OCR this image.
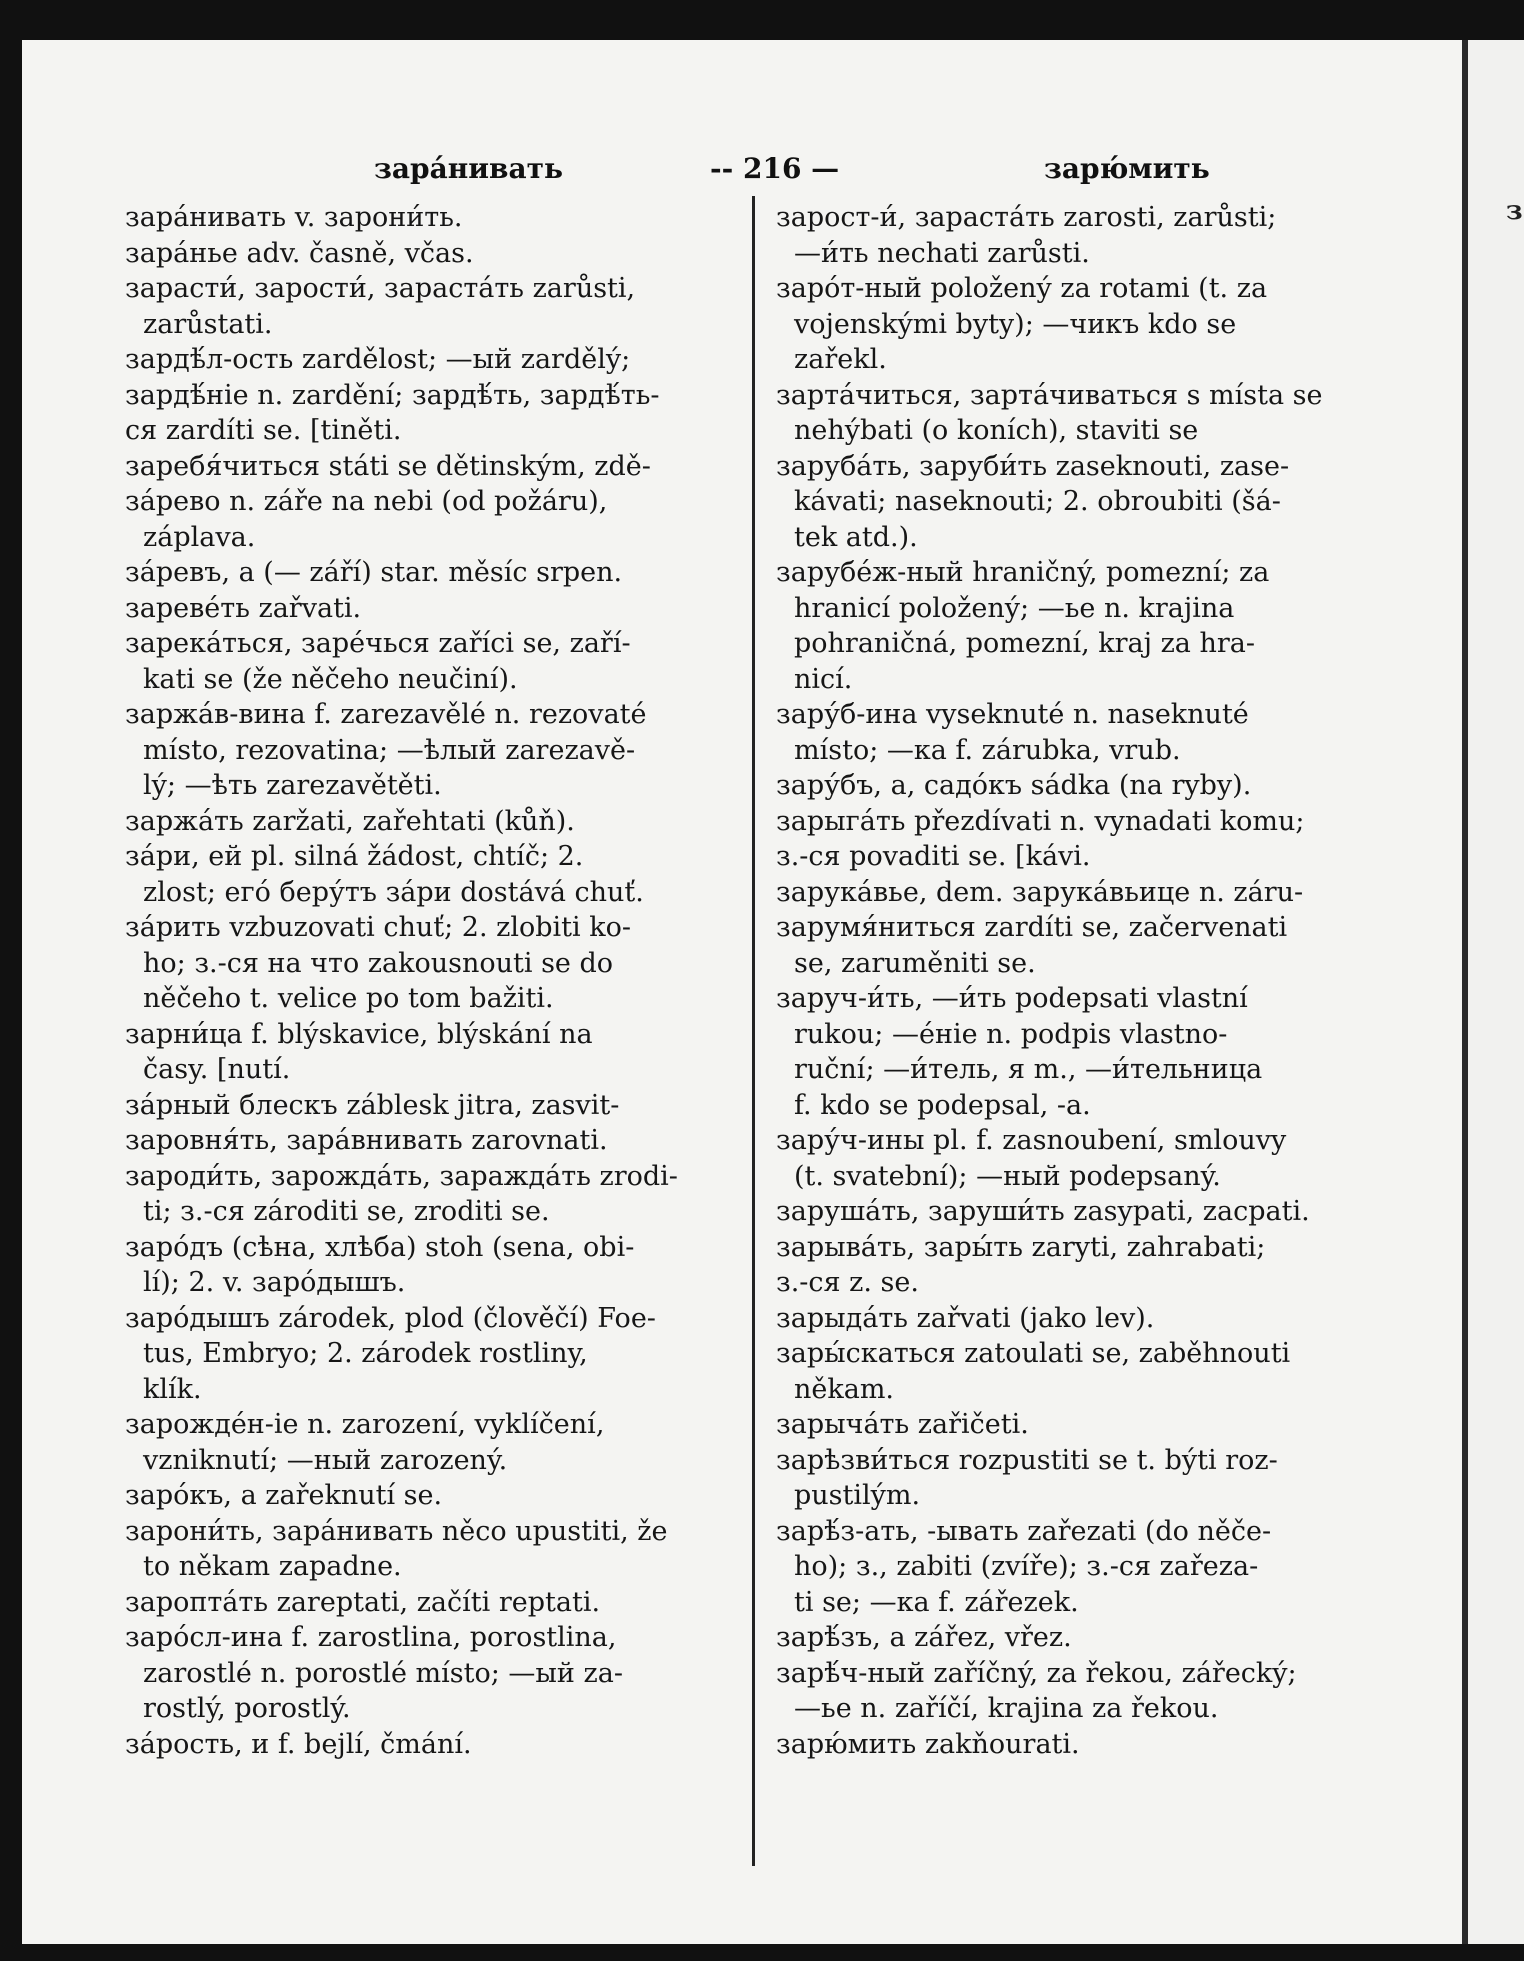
зара́нивать	-- 216 —	зарю́мить
з
зара́нивать v. зарони́ть.
зара́нье adv. časně, včas.
зарасти́, зарости́, зарастáть zarůsti,
zarůstati.
зардѣ́л-ость zardělost; —ый zardělý;
зардѣ́ніе n. zardění; зардѣ́ть, зардѣ́ть-
ся zardíti se. [tiněti.
заребя́читься státi se dětinským, zdě-
за́рево n. záře na nebi (od požáru),
záplava.
за́ревъ, а (— září) star. měsíc srpen.
зареве́ть zařvati.
зарека́ться, заре́чься zaříci se, zaří-
kati se (že něčeho neučiní).
заржа́в-вина f. zarezavělé n. rezovaté
místo, rezovatina; —ѣлый zarezavě-
lý; —ѣть zarezavětěti.
заржа́ть zaržati, zařehtati (kůň).
за́ри, ей pl. silná žádost, chtíč; 2.
zlost; его́ беру́тъ за́ри dostává chuť.
за́рить vzbuzovati chuť; 2. zlobiti ko-
ho; з.-ся на что zakousnouti se do
něčeho t. velice po tom bažiti.
зарни́ца f. blýskavice, blýskání na
časy. [nutí.
за́рный блескъ záblesk jitra, zasvit-
заровня́ть, зара́внивать zarovnati.
зароди́ть, зарожда́ть, зараждáть zrodi-
ti; з.-ся zároditi se, zroditi se.
заро́дъ (сѣна, хлѣба) stoh (sena, obi-
lí); 2. v. заро́дышъ.
заро́дышъ zárodek, plod (člověčí) Foe-
tus, Embryo; 2. zárodek rostliny,
klík.
зарожде́н-іе n. zarození, vyklíčení,
vzniknutí; —ный zarozený.
заро́къ, а zařeknutí se.
зарони́ть, зара́нивать něco upustiti, že
to někam zapadne.
заропта́ть zareptati, začíti reptati.
заро́сл-ина f. zarostlina, porostlina,
zarostlé n. porostlé místo; —ый za-
rostlý, porostlý.
за́рость, и f. bejlí, čmání.
зарост-и́, зарастáть zarosti, zarůsti;
—и́ть nechati zarůsti.
заро́т-ный položený za rotami (t. za
vojenskými byty); —чикъ kdo se
zařekl.
зарта́читься, зарта́чиваться s místa se
nehýbati (o koních), staviti se
заруба́ть, заруби́ть zaseknouti, zase-
kávati; naseknouti; 2. obroubiti (šá-
tek atd.).
зарубе́ж-ный hraničný, pomezní; za
hranicí položený; —ье n. krajina
pohraničná, pomezní, kraj za hra-
nicí.
зару́б-ина vyseknuté n. naseknuté
místo; —ка f. zárubka, vrub.
зару́бъ, а, садо́къ sádka (na ryby).
зарыга́ть přezdívati n. vynadati komu;
з.-ся povaditi se. [kávi.
зарука́вье, dem. зарука́вьице n. záru-
зарумя́ниться zardíti se, začervenati
se, zaruměniti se.
заруч-и́ть, —и́ть podepsati vlastní
rukou; —е́ніе n. podpis vlastno-
ruční; —и́тель, я m., —и́тельница
f. kdo se podepsal, -a.
зару́ч-ины pl. f. zasnoubení, smlouvy
(t. svatební); —ный podepsaný.
заруша́ть, заруши́ть zasypati, zacpati.
зарыва́ть, зары́ть zaryti, zahrabati;
з.-ся z. se.
зарыда́ть zařvati (jako lev).
зары́скаться zatoulati se, zaběhnouti
někam.
зарыча́ть zařičeti.
зарѣзви́ться rozpustiti se t. býti roz-
pustilým.
зарѣ́з-ать, -ывать zařezati (do něče-
ho); з., zabiti (zvíře); з.-ся zařeza-
ti se; —ка f. zářezek.
зарѣ́зъ, а zářez, vřez.
зарѣ́ч-ный zaříčný, za řekou, zářecký;
—ье n. zaříčí, krajina za řekou.
зарю́мить zakňourati.
